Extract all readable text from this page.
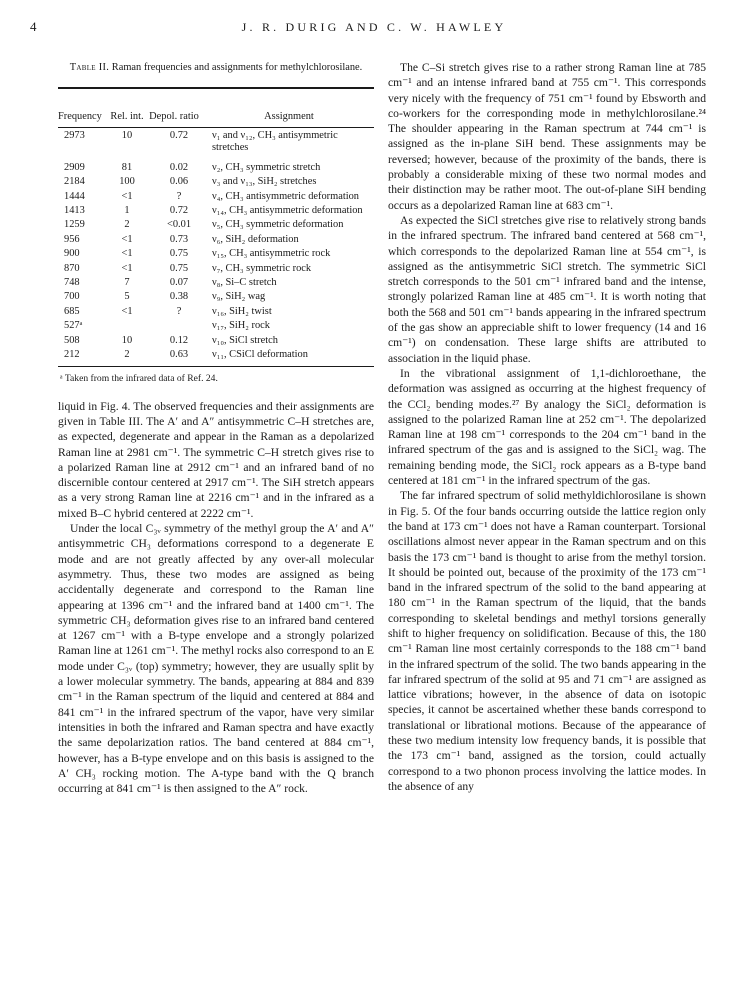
4	J. R. DURIG AND C. W. HAWLEY
Table II. Raman frequencies and assignments for methylchlorosilane.
Frequency	Rel. int.	Depol. ratio	Assignment
2973	10	0.72	ν₁ and ν₁₂, CH₃ antisymmetric stretches
2909	81	0.02	ν₂, CH₃ symmetric stretch
2184	100	0.06	ν₃ and ν₁₃, SiH₂ stretches
1444	<1	?	ν₄, CH₃ antisymmetric deformation
1413	1	0.72	ν₁₄, CH₃ antisymmetric deformation
1259	2	<0.01	ν₅, CH₃ symmetric deformation
956	<1	0.73	ν₆, SiH₂ deformation
900	<1	0.75	ν₁₅, CH₃ antisymmetric rock
870	<1	0.75	ν₇, CH₃ symmetric rock
748	7	0.07	ν₈, Si–C stretch
700	5	0.38	ν₉, SiH₂ wag
685	<1	?	ν₁₆, SiH₂ twist
527ᵃ			ν₁₇, SiH₂ rock
508	10	0.12	ν₁₀, SiCl stretch
212	2	0.63	ν₁₁, CSiCl deformation
ᵃ Taken from the infrared data of Ref. 24.

liquid in Fig. 4. The observed frequencies and their assignments are given in Table III. The A′ and A″ antisymmetric C–H stretches are, as expected, degenerate and appear in the Raman as a depolarized Raman line at 2981 cm⁻¹. The symmetric C–H stretch gives rise to a polarized Raman line at 2912 cm⁻¹ and an infrared band of no discernible contour centered at 2917 cm⁻¹. The SiH stretch appears as a very strong Raman line at 2216 cm⁻¹ and in the infrared as a mixed B–C hybrid centered at 2222 cm⁻¹.

Under the local C₃ᵥ symmetry of the methyl group the A′ and A″ antisymmetric CH₃ deformations correspond to a degenerate E mode and are not greatly affected by any over-all molecular asymmetry. Thus, these two modes are assigned as being accidentally degenerate and correspond to the Raman line appearing at 1396 cm⁻¹ and the infrared band at 1400 cm⁻¹. The symmetric CH₃ deformation gives rise to an infrared band centered at 1267 cm⁻¹ with a B-type envelope and a strongly polarized Raman line at 1261 cm⁻¹. The methyl rocks also correspond to an E mode under C₃ᵥ (top) symmetry; however, they are usually split by a lower molecular symmetry. The bands, appearing at 884 and 839 cm⁻¹ in the Raman spectrum of the liquid and centered at 884 and 841 cm⁻¹ in the infrared spectrum of the vapor, have very similar intensities in both the infrared and Raman spectra and have exactly the same depolarization ratios. The band centered at 884 cm⁻¹, however, has a B-type envelope and on this basis is assigned to the A′ CH₃ rocking motion. The A-type band with the Q branch occurring at 841 cm⁻¹ is then assigned to the A″ rock.

The C–Si stretch gives rise to a rather strong Raman line at 785 cm⁻¹ and an intense infrared band at 755 cm⁻¹. This corresponds very nicely with the frequency of 751 cm⁻¹ found by Ebsworth and co-workers for the corresponding mode in methylchlorosilane.²⁴ The shoulder appearing in the Raman spectrum at 744 cm⁻¹ is assigned as the in-plane SiH bend. These assignments may be reversed; however, because of the proximity of the bands, there is probably a considerable mixing of these two normal modes and their distinction may be rather moot. The out-of-plane SiH bending occurs as a depolarized Raman line at 683 cm⁻¹.

As expected the SiCl stretches give rise to relatively strong bands in the infrared spectrum. The infrared band centered at 568 cm⁻¹, which corresponds to the depolarized Raman line at 554 cm⁻¹, is assigned as the antisymmetric SiCl stretch. The symmetric SiCl stretch corresponds to the 501 cm⁻¹ infrared band and the intense, strongly polarized Raman line at 485 cm⁻¹. It is worth noting that both the 568 and 501 cm⁻¹ bands appearing in the infrared spectrum of the gas show an appreciable shift to lower frequency (14 and 16 cm⁻¹) on condensation. These large shifts are attributed to association in the liquid phase.

In the vibrational assignment of 1,1-dichloroethane, the deformation was assigned as occurring at the highest frequency of the CCl₂ bending modes.²⁷ By analogy the SiCl₂ deformation is assigned to the polarized Raman line at 252 cm⁻¹. The depolarized Raman line at 198 cm⁻¹ corresponds to the 204 cm⁻¹ band in the infrared spectrum of the gas and is assigned to the SiCl₂ wag. The remaining bending mode, the SiCl₂ rock appears as a B-type band centered at 181 cm⁻¹ in the infrared spectrum of the gas.

The far infrared spectrum of solid methyldichlorosilane is shown in Fig. 5. Of the four bands occurring outside the lattice region only the band at 173 cm⁻¹ does not have a Raman counterpart. Torsional oscillations almost never appear in the Raman spectrum and on this basis the 173 cm⁻¹ band is thought to arise from the methyl torsion. It should be pointed out, because of the proximity of the 173 cm⁻¹ band in the infrared spectrum of the solid to the band appearing at 180 cm⁻¹ in the Raman spectrum of the liquid, that the bands corresponding to skeletal bendings and methyl torsions generally shift to higher frequency on solidification. Because of this, the 180 cm⁻¹ Raman line most certainly corresponds to the 188 cm⁻¹ band in the infrared spectrum of the solid. The two bands appearing in the far infrared spectrum of the solid at 95 and 71 cm⁻¹ are assigned as lattice vibrations; however, in the absence of data on isotopic species, it cannot be ascertained whether these bands correspond to translational or librational motions. Because of the appearance of these two medium intensity low frequency bands, it is possible that the 173 cm⁻¹ band, assigned as the torsion, could actually correspond to a two phonon process involving the lattice modes. In the absence of any
